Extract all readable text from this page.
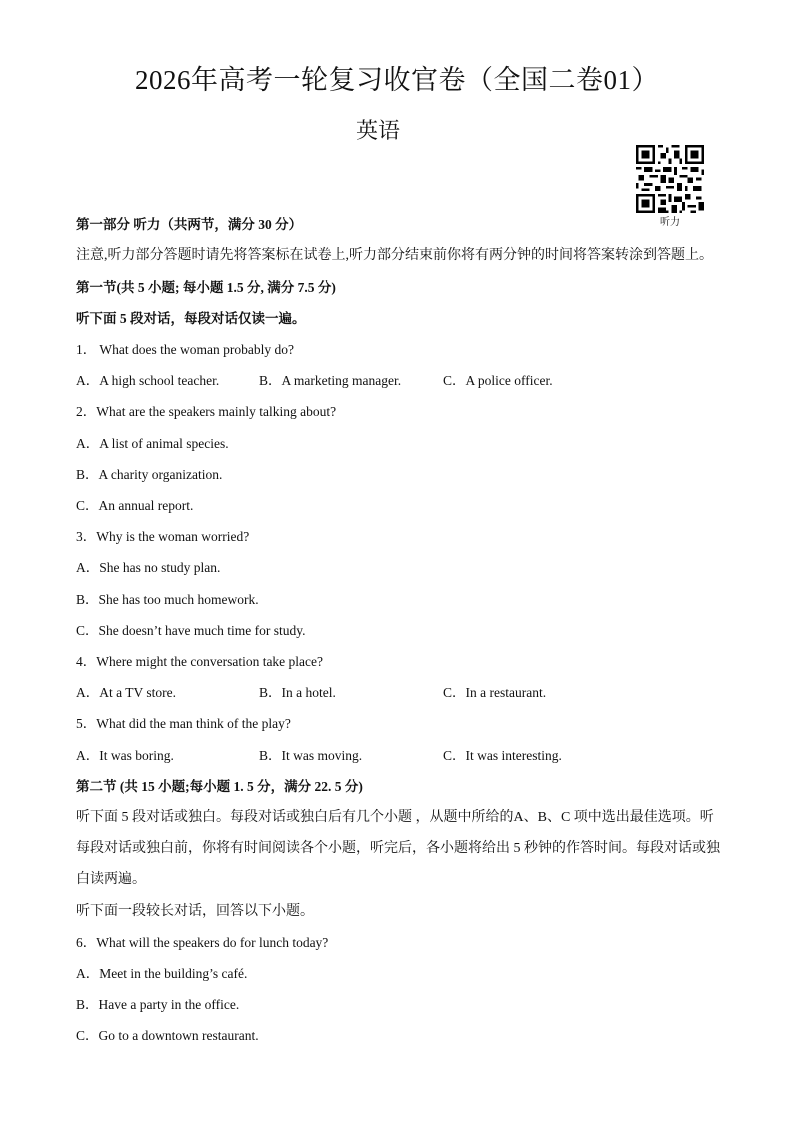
2026年高考一轮复习收官卷（全国二卷01）
英语
听力
第一部分 听力（共两节，满分 30 分）
注意,听力部分答题时请先将答案标在试卷上,听力部分结束前你将有两分钟的时间将答案转涂到答题上。
第一节(共 5 小题; 每小题 1.5 分, 满分 7.5 分)
听下面 5 段对话，每段对话仅读一遍。
1． What does the woman probably do?
A．A high school teacher.	B．A marketing manager.	C．A police officer.
2．What are the speakers mainly talking about?
A．A list of animal species.
B．A charity organization.
C．An annual report.
3．Why is the woman worried?
A．She has no study plan.
B．She has too much homework.
C．She doesn’t have much time for study.
4．Where might the conversation take place?
A．At a TV store.	B．In a hotel.	C．In a restaurant.
5．What did the man think of the play?
A．It was boring.	B．It was moving.	C．It was interesting.
第二节 (共 15 小题;每小题 1. 5 分，满分 22. 5 分)
听下面 5 段对话或独白。每段对话或独白后有几个小题 ，从题中所给的A、B、C 项中选出最佳选项。听
每段对话或独白前，你将有时间阅读各个小题，听完后，各小题将给出 5 秒钟的作答时间。每段对话或独
白读两遍。
听下面一段较长对话，回答以下小题。
6．What will the speakers do for lunch today?
A．Meet in the building’s café.
B．Have a party in the office.
C．Go to a downtown restaurant.
